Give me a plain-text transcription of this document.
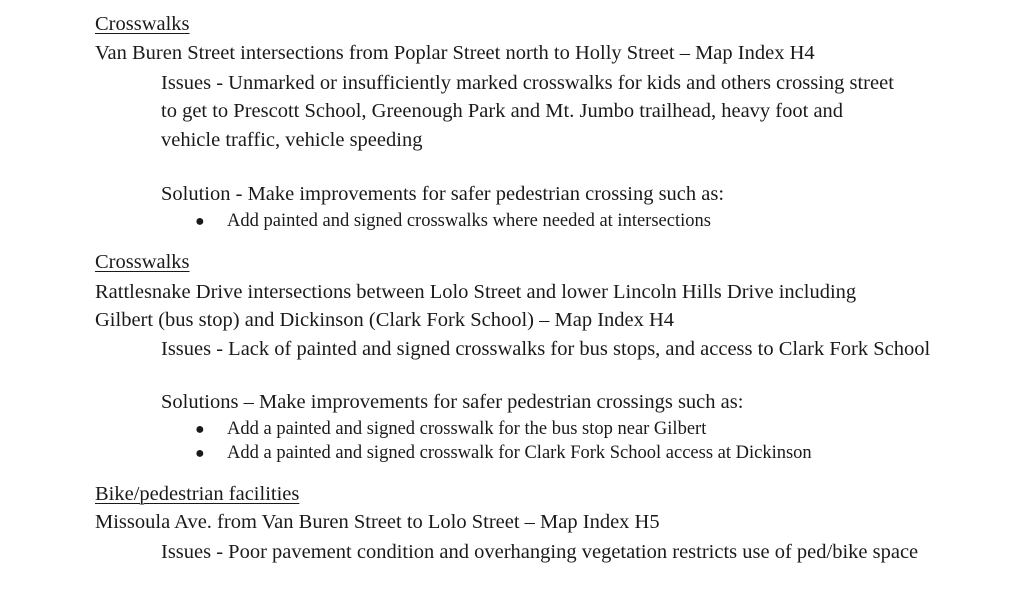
Crosswalks
Van Buren Street intersections from Poplar Street north to Holly Street – Map Index H4
Issues - Unmarked or insufficiently marked crosswalks for kids and others crossing street
to get to Prescott School, Greenough Park and Mt. Jumbo trailhead, heavy foot and
vehicle traffic, vehicle speeding
Solution - Make improvements for safer pedestrian crossing such as:
● Add painted and signed crosswalks where needed at intersections
Crosswalks
Rattlesnake Drive intersections between Lolo Street and lower Lincoln Hills Drive including
Gilbert (bus stop) and Dickinson (Clark Fork School) – Map Index H4
Issues - Lack of painted and signed crosswalks for bus stops, and access to Clark Fork School
Solutions – Make improvements for safer pedestrian crossings such as:
● Add a painted and signed crosswalk for the bus stop near Gilbert
● Add a painted and signed crosswalk for Clark Fork School access at Dickinson
Bike/pedestrian facilities
Missoula Ave. from Van Buren Street to Lolo Street – Map Index H5
Issues - Poor pavement condition and overhanging vegetation restricts use of ped/bike space
